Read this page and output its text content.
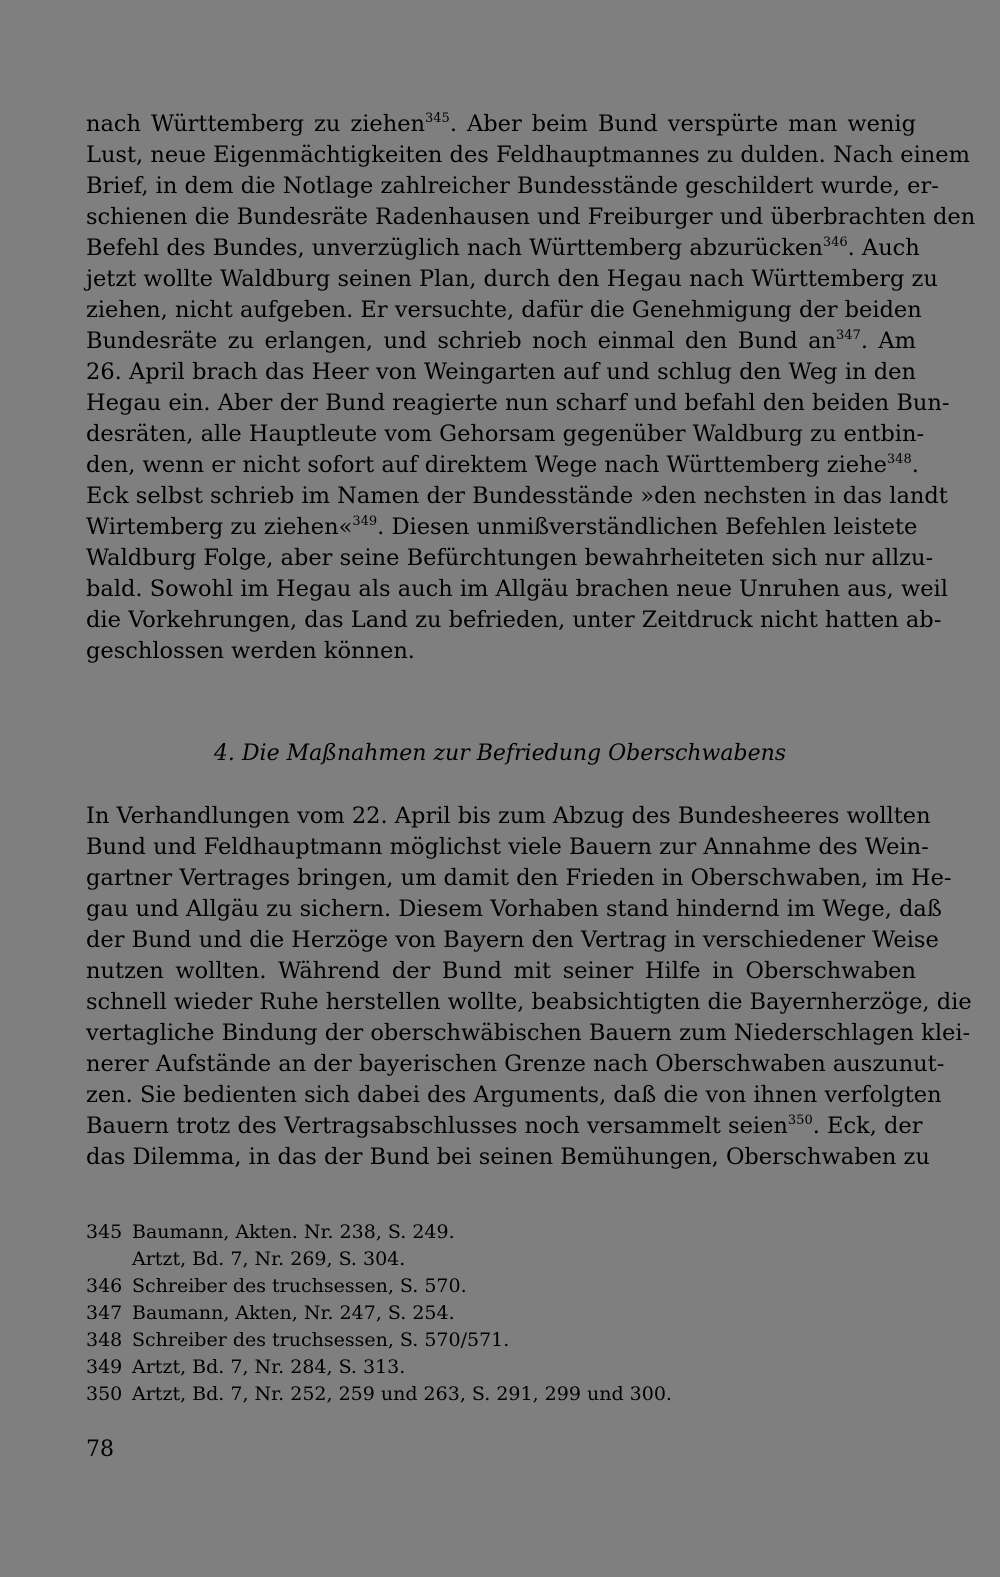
nach Württemberg zu ziehen$^{345}$. Aber beim Bund verspürte man wenig
Lust, neue Eigenmächtigkeiten des Feldhauptmannes zu dulden. Nach einem
Brief, in dem die Notlage zahlreicher Bundesstände geschildert wurde, er-
schienen die Bundesräte Radenhausen und Freiburger und überbrachten den
Befehl des Bundes, unverzüglich nach Württemberg abzurücken$^{346}$. Auch
jetzt wollte Waldburg seinen Plan, durch den Hegau nach Württemberg zu
ziehen, nicht aufgeben. Er versuchte, dafür die Genehmigung der beiden
Bundesräte zu erlangen, und schrieb noch einmal den Bund $an^{347}$. Am
26. April brach das Heer von Weingarten auf und schlug den Weg in den
Hegau ein. Aber der Bund reagierte nun scharf und befahl den beiden Bun-
desräten, alle Hauptleute vom Gehorsam gegenüber Waldburg zu entbin-
den, wenn er nicht sofort auf direktem Wege nach Württemberg ziehe$^{348}$.
Eck selbst schrieb im Namen der Bundesstände »den nechsten in das landt
Wirtemberg zu ziehen«$^{349}$. Diesen unmißverständlichen Befehlen leistete
Waldburg Folge, aber seine Befürchtungen bewahrheiteten sich nur allzu-
bald. Sowohl im Hegau als auch im Allgäu brachen neue Unruhen aus, weil
die Vorkehrungen, das Land zu befrieden, unter Zeitdruck nicht hatten ab-
geschlossen werden können.
4. Die Maßnahmen zur Befriedung Oberschwabens
In Verhandlungen vom 22. April bis zum Abzug des Bundesheeres wollten
Bund und Feldhauptmann möglichst viele Bauern zur Annahme des Wein-
gartner Vertrages bringen, um damit den Frieden in Oberschwaben, im He-
gau und Allgäu zu sichern. Diesem Vorhaben stand hindernd im Wege, daß
der Bund und die Herzöge von Bayern den Vertrag in verschiedener Weise
nutzen wollten. Während der Bund mit seiner Hilfe in Oberschwaben
schnell wieder Ruhe herstellen wollte, beabsichtigten die Bayernherzöge, die
vertagliche Bindung der oberschwäbischen Bauern zum Niederschlagen klei-
nerer Aufstände an der bayerischen Grenze nach Oberschwaben auszunut-
zen. Sie bedienten sich dabei des Arguments, daß die von ihnen verfolgten
Bauern trotz des Vertragsabschlusses noch versammelt seien$^{350}$. Eck, der
das Dilemma, in das der Bund bei seinen Bemühungen, Oberschwaben zu
345 Baumann, Akten. Nr. 238, S. 249.
Artzt, Bd. 7, Nr. 269, S. 304.
346 Schreiber des truchsessen, S. 570.
347 Baumann, Akten, Nr. 247, S. 254.
348 Schreiber des truchsessen, S. 570/571.
349 Artzt, Bd. 7, Nr. 284, S. 313.
350 Artzt, Bd. 7, Nr. 252, 259 und 263, S. 291, 299 und 300.
78
